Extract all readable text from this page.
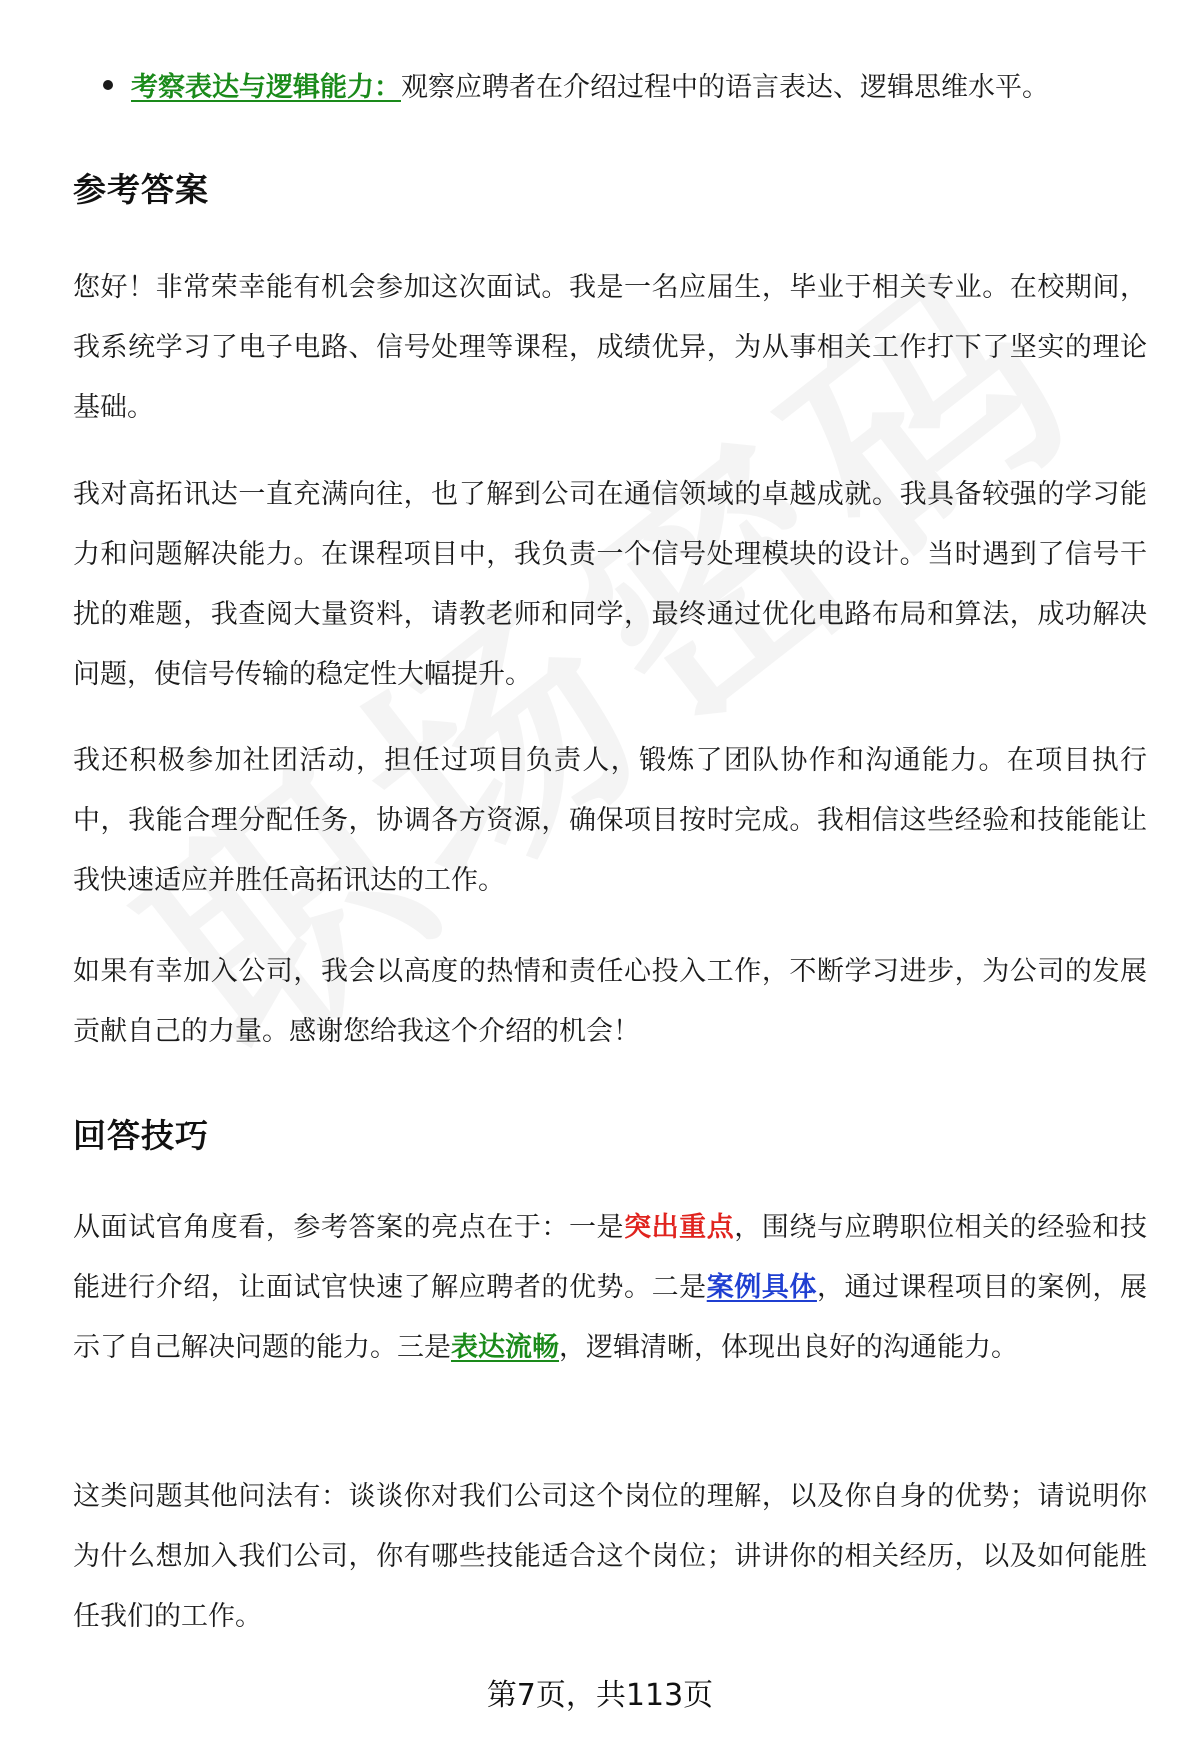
考察表达与逻辑能力：观察应聘者在介绍过程中的语言表达、逻辑思维水平。
参考答案

您好！非常荣幸能有机会参加这次面试。我是一名应届生，毕业于相关专业。在校期间，我系统学习了电子电路、信号处理等课程，成绩优异，为从事相关工作打下了坚实的理论基础。

我对高拓讯达一直充满向往，也了解到公司在通信领域的卓越成就。我具备较强的学习能力和问题解决能力。在课程项目中，我负责一个信号处理模块的设计。当时遇到了信号干扰的难题，我查阅大量资料，请教老师和同学，最终通过优化电路布局和算法，成功解决问题，使信号传输的稳定性大幅提升。

我还积极参加社团活动，担任过项目负责人，锻炼了团队协作和沟通能力。在项目执行中，我能合理分配任务，协调各方资源，确保项目按时完成。我相信这些经验和技能能让我快速适应并胜任高拓讯达的工作。

如果有幸加入公司，我会以高度的热情和责任心投入工作，不断学习进步，为公司的发展贡献自己的力量。感谢您给我这个介绍的机会！

回答技巧

从面试官角度看，参考答案的亮点在于：一是突出重点，围绕与应聘职位相关的经验和技能进行介绍，让面试官快速了解应聘者的优势。二是案例具体，通过课程项目的案例，展示了自己解决问题的能力。三是表达流畅，逻辑清晰，体现出良好的沟通能力。

这类问题其他问法有：谈谈你对我们公司这个岗位的理解，以及你自身的优势；请说明你为什么想加入我们公司，你有哪些技能适合这个岗位；讲讲你的相关经历，以及如何能胜任我们的工作。

第7页，共113页
